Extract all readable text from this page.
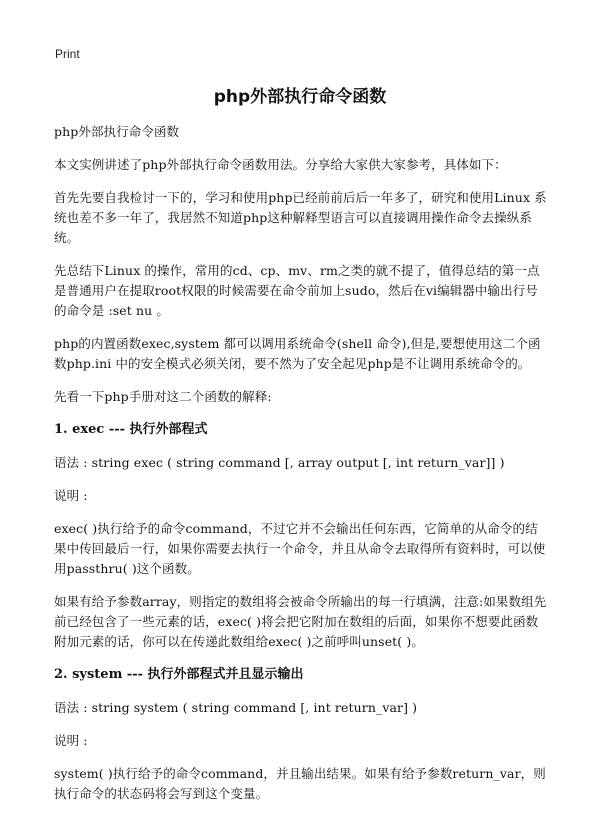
Print
php外部执行命令函数

php外部执行命令函数

本文实例讲述了php外部执行命令函数用法。分享给大家供大家参考，具体如下：

首先先要自我检讨一下的，学习和使用php已经前前后后一年多了，研究和使用Linux 系统也差不多一年了，我居然不知道php这种解释型语言可以直接调用操作命令去操纵系统。

先总结下Linux 的操作，常用的cd、cp、mv、rm之类的就不提了，值得总结的第一点是普通用户在提取root权限的时候需要在命令前加上sudo，然后在vi编辑器中输出行号的命令是 :set nu 。

php的内置函数exec,system 都可以调用系统命令(shell 命令),但是,要想使用这二个函数php.ini 中的安全模式必须关闭，要不然为了安全起见php是不让调用系统命令的。

先看一下php手册对这二个函数的解释:

1. exec --- 执行外部程式

语法 : string exec ( string command [, array output [, int return_var]] )

说明 :

exec( )执行给予的命令command，不过它并不会输出任何东西，它简单的从命令的结果中传回最后一行，如果你需要去执行一个命令，并且从命令去取得所有资料时，可以使用passthru( )这个函数。

如果有给予参数array，则指定的数组将会被命令所输出的每一行填满，注意:如果数组先前已经包含了一些元素的话，exec( )将会把它附加在数组的后面，如果你不想要此函数附加元素的话，你可以在传递此数组给exec( )之前呼叫unset( )。

2. system --- 执行外部程式并且显示输出

语法 : string system ( string command [, int return_var] )

说明 :

system( )执行给予的命令command，并且输出结果。如果有给予参数return_var，则执行命令的状态码将会写到这个变量。
